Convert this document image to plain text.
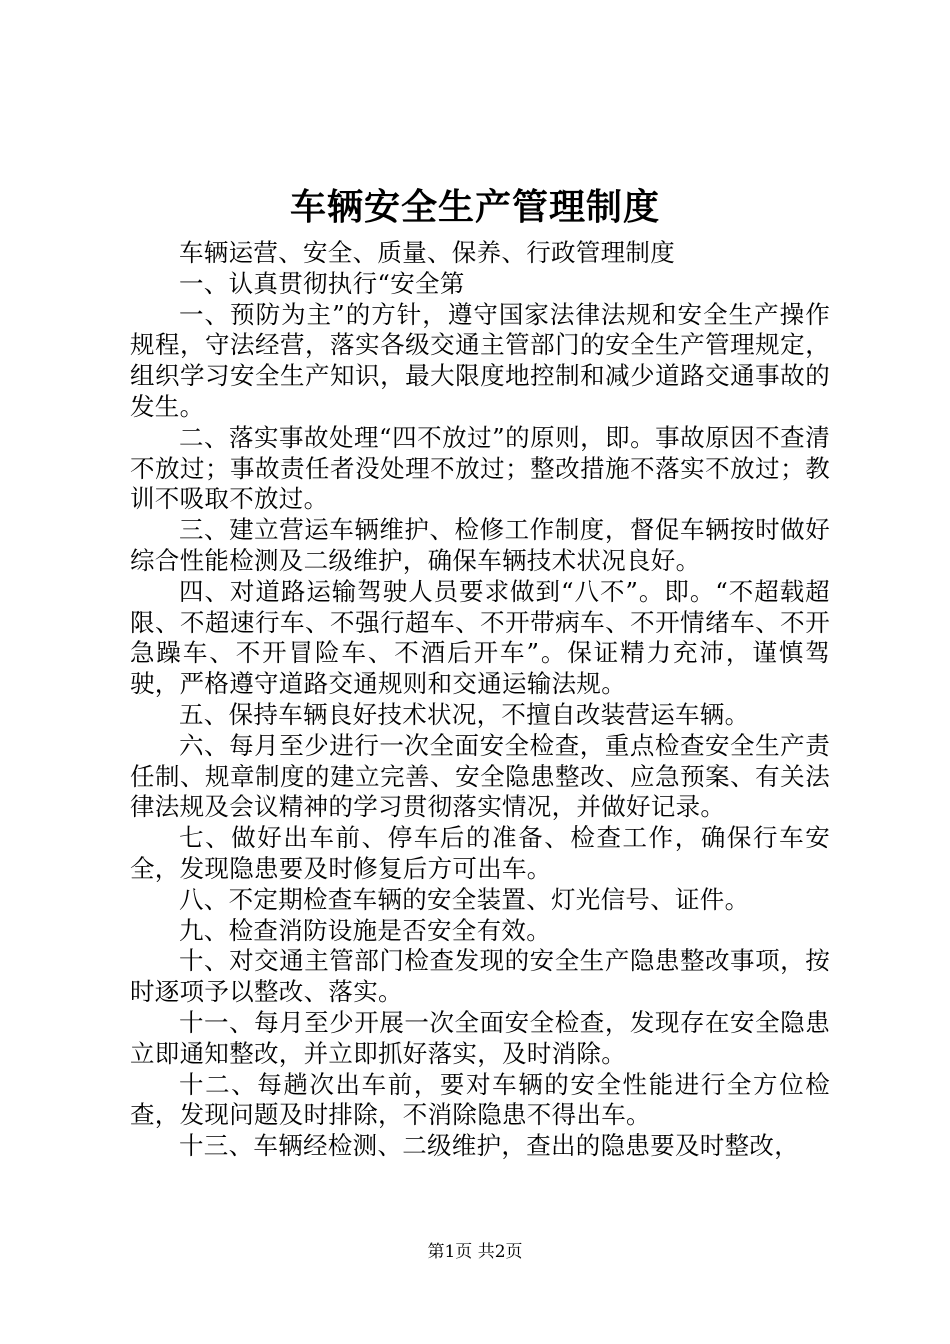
车辆安全生产管理制度

车辆运营、安全、质量、保养、行政管理制度

一、认真贯彻执行“安全第

一、预防为主”的方针，遵守国家法律法规和安全生产操作规程，守法经营，落实各级交通主管部门的安全生产管理规定，组织学习安全生产知识，最大限度地控制和减少道路交通事故的发生。

二、落实事故处理“四不放过”的原则，即。事故原因不查清不放过；事故责任者没处理不放过；整改措施不落实不放过；教训不吸取不放过。

三、建立营运车辆维护、检修工作制度，督促车辆按时做好综合性能检测及二级维护，确保车辆技术状况良好。

四、对道路运输驾驶人员要求做到“八不”。即。“不超载超限、不超速行车、不强行超车、不开带病车、不开情绪车、不开急躁车、不开冒险车、不酒后开车”。保证精力充沛，谨慎驾驶，严格遵守道路交通规则和交通运输法规。

五、保持车辆良好技术状况，不擅自改装营运车辆。

六、每月至少进行一次全面安全检查，重点检查安全生产责任制、规章制度的建立完善、安全隐患整改、应急预案、有关法律法规及会议精神的学习贯彻落实情况，并做好记录。

七、做好出车前、停车后的准备、检查工作，确保行车安全，发现隐患要及时修复后方可出车。

八、不定期检查车辆的安全装置、灯光信号、证件。

九、检查消防设施是否安全有效。

十、对交通主管部门检查发现的安全生产隐患整改事项，按时逐项予以整改、落实。

十一、每月至少开展一次全面安全检查，发现存在安全隐患立即通知整改，并立即抓好落实，及时消除。

十二、每趟次出车前，要对车辆的安全性能进行全方位检查，发现问题及时排除，不消除隐患不得出车。

十三、车辆经检测、二级维护，查出的隐患要及时整改，

第1页 共2页
